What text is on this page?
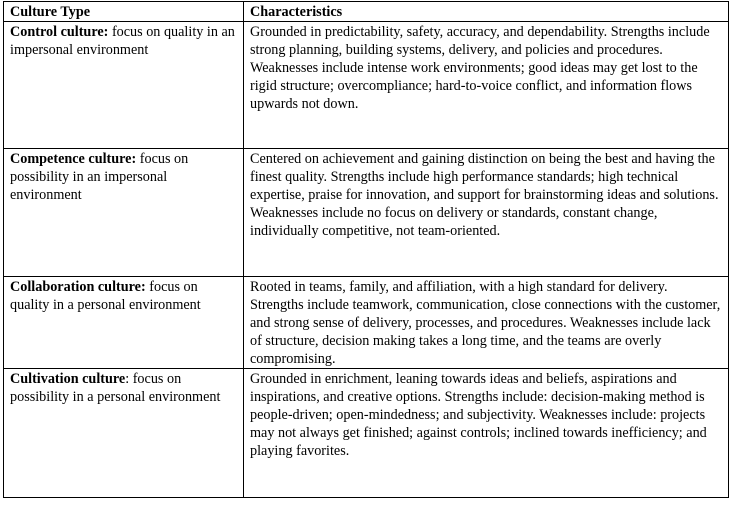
Culture Type	Characteristics
Control culture: focus on quality in an impersonal environment	Grounded in predictability, safety, accuracy, and dependability. Strengths include strong planning, building systems, delivery, and policies and procedures. Weaknesses include intense work environments; good ideas may get lost to the rigid structure; overcompliance; hard-to-voice conflict, and information flows upwards not down.

Competence culture: focus on possibility in an impersonal environment	Centered on achievement and gaining distinction on being the best and having the finest quality. Strengths include high performance standards; high technical expertise, praise for innovation, and support for brainstorming ideas and solutions. Weaknesses include no focus on delivery or standards, constant change, individually competitive, not team-oriented.

Collaboration culture: focus on quality in a personal environment	Rooted in teams, family, and affiliation, with a high standard for delivery. Strengths include teamwork, communication, close connections with the customer, and strong sense of delivery, processes, and procedures. Weaknesses include lack of structure, decision making takes a long time, and the teams are overly compromising.

Cultivation culture: focus on possibility in a personal environment	Grounded in enrichment, leaning towards ideas and beliefs, aspirations and inspirations, and creative options. Strengths include: decision-making method is people-driven; open-mindedness; and subjectivity. Weaknesses include: projects may not always get finished; against controls; inclined towards inefficiency; and playing favorites.
